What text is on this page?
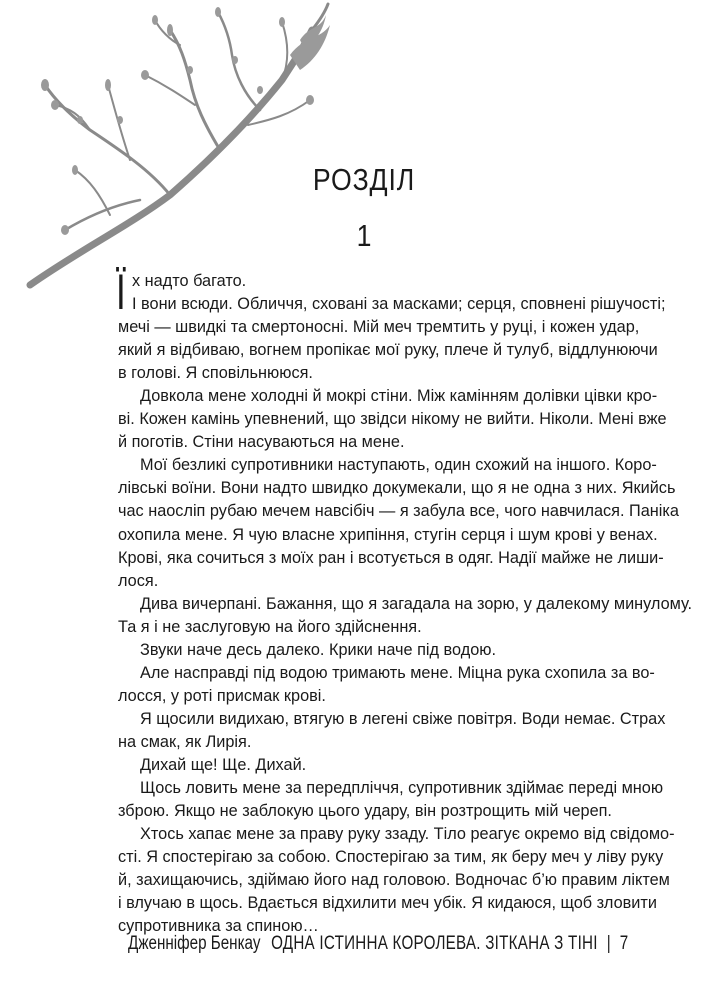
РОЗДІЛ
1
Ї х надто багато.
І вони всюди. Обличчя, сховані за масками; серця, сповнені рішучості;
мечі — швидкі та смертоносні. Мій меч тремтить у руці, і кожен удар,
який я відбиваю, вогнем пропікає мої руку, плече й тулуб, віддлунюючи
в голові. Я сповільнююся.
Довкола мене холодні й мокрі стіни. Між камінням долівки цівки кро-
ві. Кожен камінь упевнений, що звідси нікому не вийти. Ніколи. Мені вже
й поготів. Стіни насуваються на мене.
Мої безликі супротивники наступають, один схожий на іншого. Коро-
лівські воїни. Вони надто швидко докумекали, що я не одна з них. Якийсь
час наосліп рубаю мечем навсібіч — я забула все, чого навчилася. Паніка
охопила мене. Я чую власне хрипіння, стугін серця і шум крові у венах.
Крові, яка сочиться з моїх ран і всотується в одяг. Надії майже не лиши-
лося.
Дива вичерпані. Бажання, що я загадала на зорю, у далекому минулому.
Та я і не заслуговую на його здійснення.
Звуки наче десь далеко. Крики наче під водою.
Але насправді під водою тримають мене. Міцна рука схопила за во-
лосся, у роті присмак крові.
Я щосили видихаю, втягую в легені свіже повітря. Води немає. Страх
на смак, як Лирія.
Дихай ще! Ще. Дихай.
Щось ловить мене за передпліччя, супротивник здіймає переді мною
зброю. Якщо не заблокую цього удару, він розтрощить мій череп.
Хтось хапає мене за праву руку ззаду. Тіло реагує окремо від свідомо-
сті. Я спостерігаю за собою. Спостерігаю за тим, як беру меч у ліву руку
й, захищаючись, здіймаю його над головою. Водночас б’ю правим ліктем
і влучаю в щось. Вдається відхилити меч убік. Я кидаюся, щоб зловити
супротивника за спиною…
Дженніфер Бенкау ОДНА ІСТИННА КОРОЛЕВА. ЗІТКАНА З ТІНІ | 7
